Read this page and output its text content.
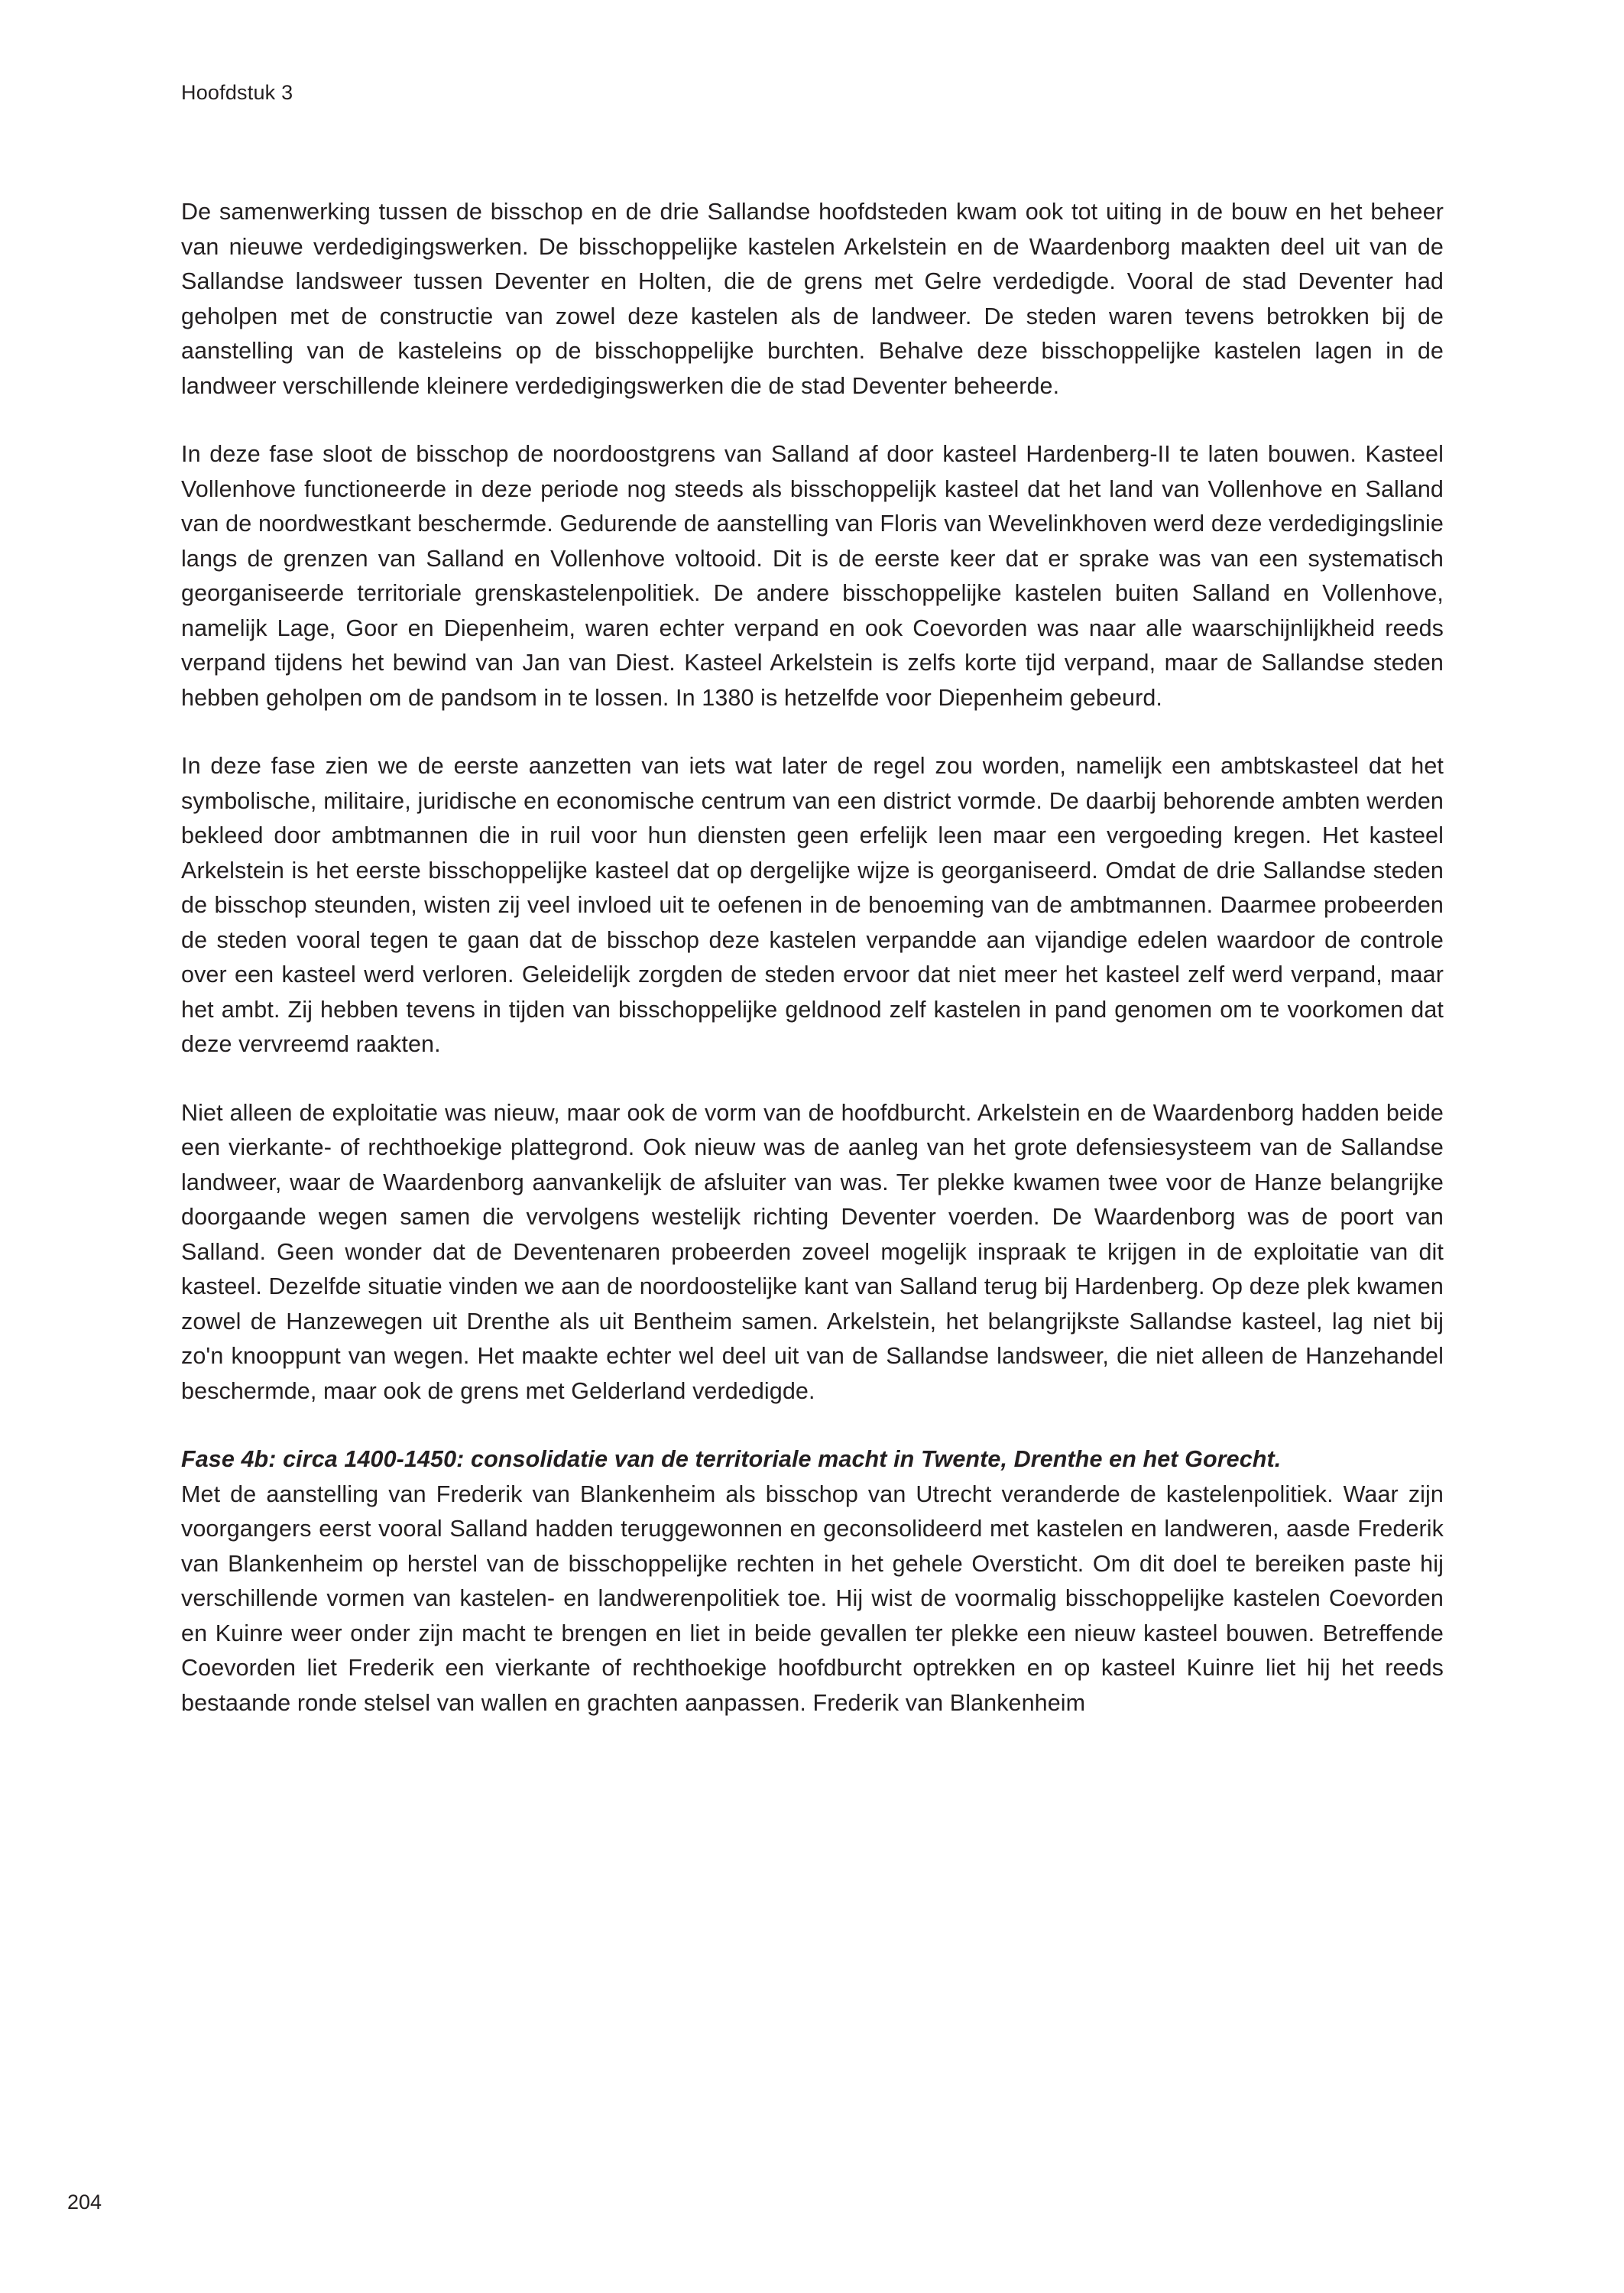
Hoofdstuk 3

De samenwerking tussen de bisschop en de drie Sallandse hoofdsteden kwam ook tot uiting in de bouw en het beheer van nieuwe verdedigingswerken. De bisschoppelijke kastelen Arkelstein en de Waardenborg maakten deel uit van de Sallandse landsweer tussen Deventer en Holten, die de grens met Gelre verdedigde. Vooral de stad Deventer had geholpen met de constructie van zowel deze kastelen als de landweer. De steden waren tevens betrokken bij de aanstelling van de kasteleins op de bisschoppelijke burchten. Behalve deze bisschoppelijke kastelen lagen in de landweer verschillende kleinere verdedigingswerken die de stad Deventer beheerde.

In deze fase sloot de bisschop de noordoostgrens van Salland af door kasteel Hardenberg-II te laten bouwen. Kasteel Vollenhove functioneerde in deze periode nog steeds als bisschoppelijk kasteel dat het land van Vollenhove en Salland van de noordwestkant beschermde. Gedurende de aanstelling van Floris van Wevelinkhoven werd deze verdedigingslinie langs de grenzen van Salland en Vollenhove voltooid. Dit is de eerste keer dat er sprake was van een systematisch georganiseerde territoriale grenskastelenpolitiek. De andere bisschoppelijke kastelen buiten Salland en Vollenhove, namelijk Lage, Goor en Diepenheim, waren echter verpand en ook Coevorden was naar alle waarschijnlijkheid reeds verpand tijdens het bewind van Jan van Diest. Kasteel Arkelstein is zelfs korte tijd verpand, maar de Sallandse steden hebben geholpen om de pandsom in te lossen. In 1380 is hetzelfde voor Diepenheim gebeurd.

In deze fase zien we de eerste aanzetten van iets wat later de regel zou worden, namelijk een ambtskasteel dat het symbolische, militaire, juridische en economische centrum van een district vormde. De daarbij behorende ambten werden bekleed door ambtmannen die in ruil voor hun diensten geen erfelijk leen maar een vergoeding kregen. Het kasteel Arkelstein is het eerste bisschoppelijke kasteel dat op dergelijke wijze is georganiseerd. Omdat de drie Sallandse steden de bisschop steunden, wisten zij veel invloed uit te oefenen in de benoeming van de ambtmannen. Daarmee probeerden de steden vooral tegen te gaan dat de bisschop deze kastelen verpandde aan vijandige edelen waardoor de controle over een kasteel werd verloren. Geleidelijk zorgden de steden ervoor dat niet meer het kasteel zelf werd verpand, maar het ambt. Zij hebben tevens in tijden van bisschoppelijke geldnood zelf kastelen in pand genomen om te voorkomen dat deze vervreemd raakten.

Niet alleen de exploitatie was nieuw, maar ook de vorm van de hoofdburcht. Arkelstein en de Waardenborg hadden beide een vierkante- of rechthoekige plattegrond. Ook nieuw was de aanleg van het grote defensiesysteem van de Sallandse landweer, waar de Waardenborg aanvankelijk de afsluiter van was. Ter plekke kwamen twee voor de Hanze belangrijke doorgaande wegen samen die vervolgens westelijk richting Deventer voerden. De Waardenborg was de poort van Salland. Geen wonder dat de Deventenaren probeerden zoveel mogelijk inspraak te krijgen in de exploitatie van dit kasteel. Dezelfde situatie vinden we aan de noordoostelijke kant van Salland terug bij Hardenberg. Op deze plek kwamen zowel de Hanzewegen uit Drenthe als uit Bentheim samen. Arkelstein, het belangrijkste Sallandse kasteel, lag niet bij zo'n knooppunt van wegen. Het maakte echter wel deel uit van de Sallandse landsweer, die niet alleen de Hanzehandel beschermde, maar ook de grens met Gelderland verdedigde.

Fase 4b: circa 1400-1450: consolidatie van de territoriale macht in Twente, Drenthe en het Gorecht.

Met de aanstelling van Frederik van Blankenheim als bisschop van Utrecht veranderde de kastelenpolitiek. Waar zijn voorgangers eerst vooral Salland hadden teruggewonnen en geconsolideerd met kastelen en landweren, aasde Frederik van Blankenheim op herstel van de bisschoppelijke rechten in het gehele Oversticht. Om dit doel te bereiken paste hij verschillende vormen van kastelen- en landwerenpolitiek toe. Hij wist de voormalig bisschoppelijke kastelen Coevorden en Kuinre weer onder zijn macht te brengen en liet in beide gevallen ter plekke een nieuw kasteel bouwen. Betreffende Coevorden liet Frederik een vierkante of rechthoekige hoofdburcht optrekken en op kasteel Kuinre liet hij het reeds bestaande ronde stelsel van wallen en grachten aanpassen. Frederik van Blankenheim

204
